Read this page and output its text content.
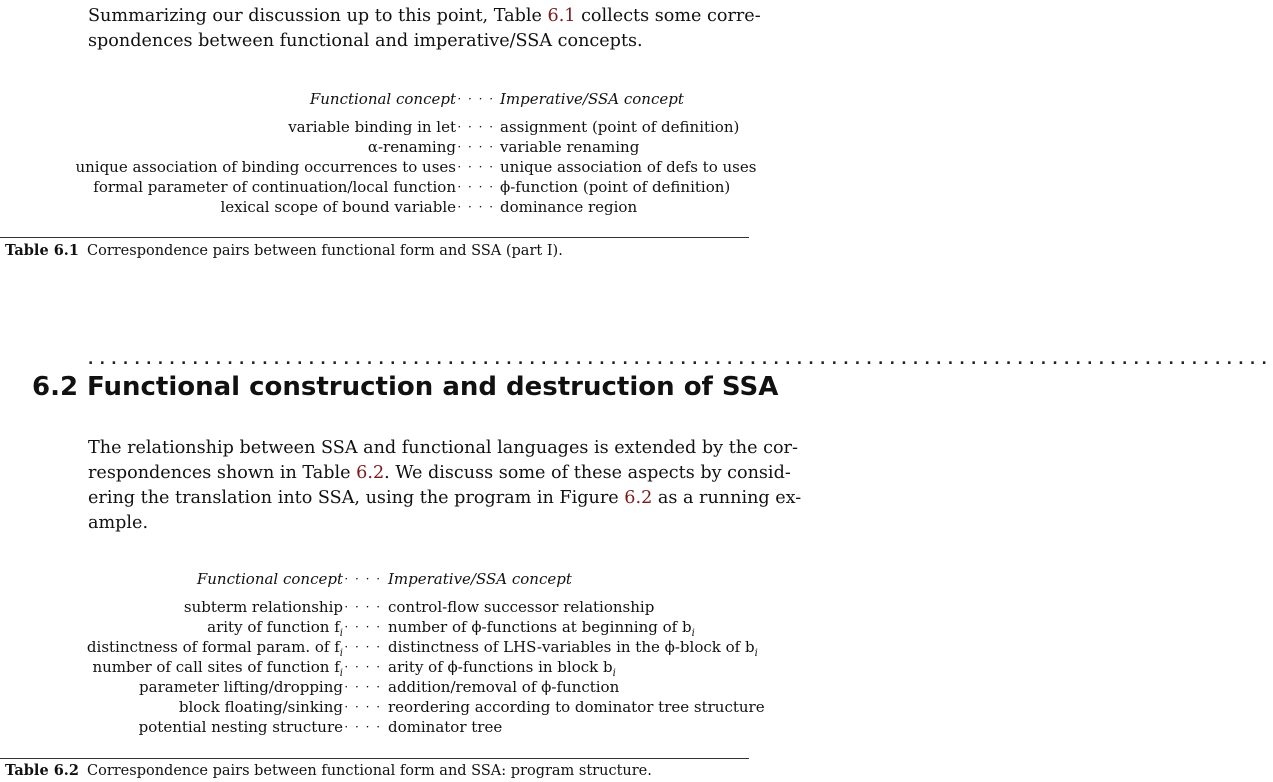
Summarizing our discussion up to this point, Table 6.1 collects some corre-
spondences between functional and imperative/SSA concepts.
Functional concept · · · · Imperative/SSA concept
variable binding in let · · · · assignment (point of definition)
α-renaming · · · · variable renaming
unique association of binding occurrences to uses · · · · unique association of defs to uses
formal parameter of continuation/local function · · · · ϕ-function (point of definition)
lexical scope of bound variable · · · · dominance region
Table 6.1 Correspondence pairs between functional form and SSA (part I).
......................................................................................................
6.2 Functional construction and destruction of SSA
The relationship between SSA and functional languages is extended by the cor-
respondences shown in Table 6.2. We discuss some of these aspects by consid-
ering the translation into SSA, using the program in Figure 6.2 as a running ex-
ample.
Functional concept · · · · Imperative/SSA concept
subterm relationship · · · · control-flow successor relationship
arity of function $f_i$ · · · · number of ϕ-functions at beginning of $b_i$
distinctness of formal param. of $f_i$ · · · · distinctness of LHS-variables in the ϕ-block of $b_i$
number of call sites of function $f_i$ · · · · arity of ϕ-functions in block $b_i$
parameter lifting/dropping · · · · addition/removal of ϕ-function
block floating/sinking · · · · reordering according to dominator tree structure
potential nesting structure · · · · dominator tree
Table 6.2 Correspondence pairs between functional form and SSA: program structure.
